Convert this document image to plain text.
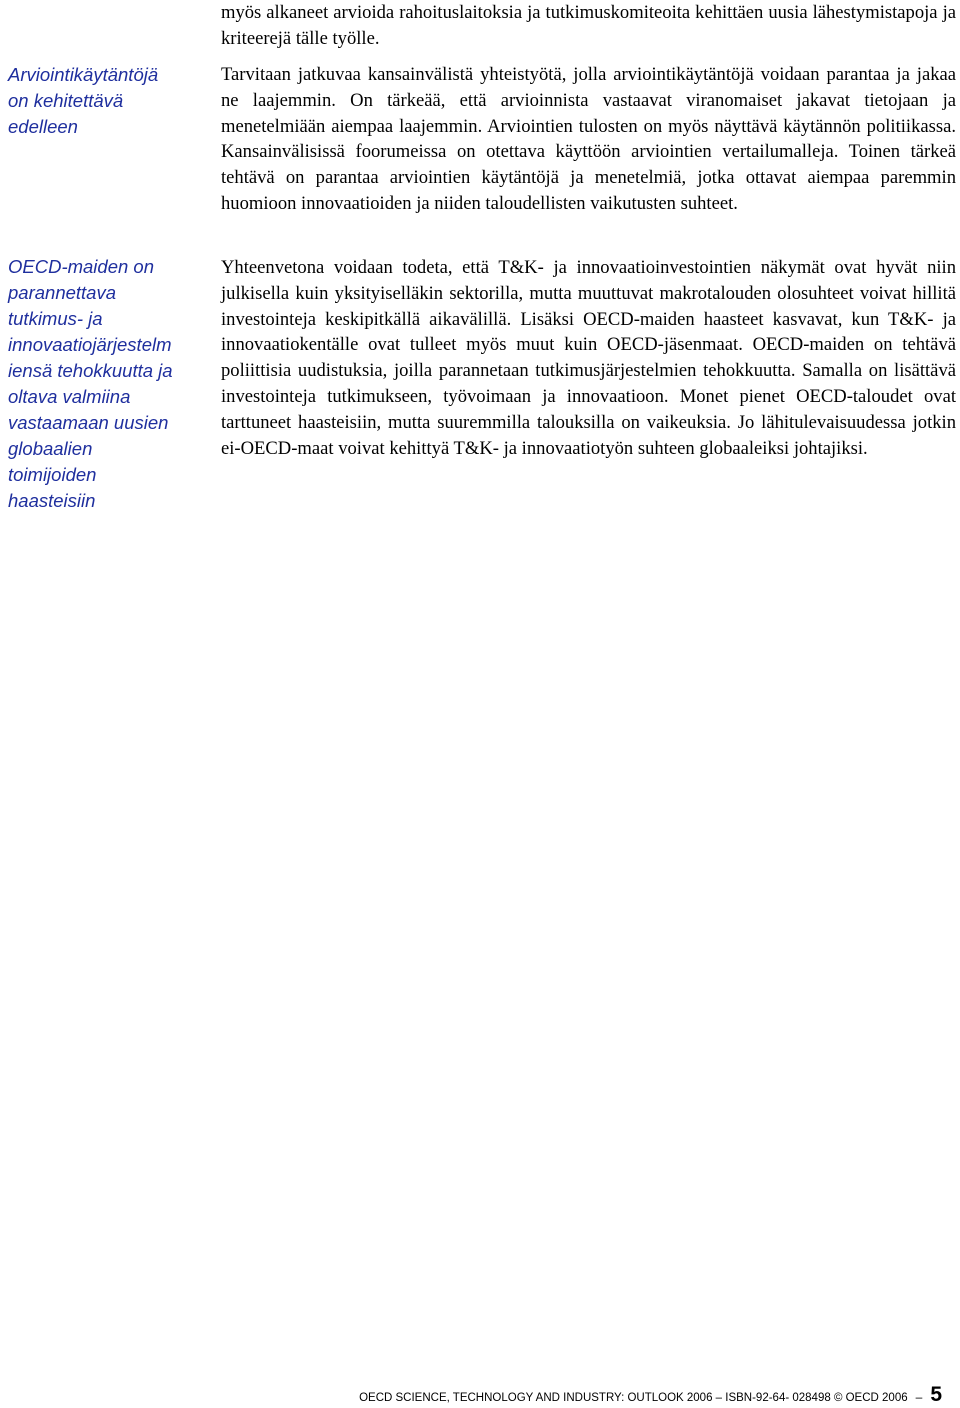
Arviointikäytäntöjä
on kehitettävä
edelleen

OECD-maiden on
parannettava
tutkimus- ja
innovaatiojärjestelm
iensä tehokkuutta ja
oltava valmiina
vastaamaan uusien
globaalien
toimijoiden
haasteisiin

myös alkaneet arvioida rahoituslaitoksia ja tutkimuskomiteoita kehittäen uusia lähestymistapoja ja kriteerejä tälle työlle.

Tarvitaan jatkuvaa kansainvälistä yhteistyötä, jolla arviointikäytäntöjä voidaan parantaa ja jakaa ne laajemmin. On tärkeää, että arvioinnista vastaavat viranomaiset jakavat tietojaan ja menetelmiään aiempaa laajemmin. Arviointien tulosten on myös näyttävä käytännön politiikassa. Kansainvälisissä foorumeissa on otettava käyttöön arviointien vertailumalleja. Toinen tärkeä tehtävä on parantaa arviointien käytäntöjä ja menetelmiä, jotka ottavat aiempaa paremmin huomioon innovaatioiden ja niiden taloudellisten vaikutusten suhteet.

Yhteenvetona voidaan todeta, että T&K- ja innovaatioinvestointien näkymät ovat hyvät niin julkisella kuin yksityiselläkin sektorilla, mutta muuttuvat makrotalouden olosuhteet voivat hillitä investointeja keskipitkällä aikavälillä. Lisäksi OECD-maiden haasteet kasvavat, kun T&K- ja innovaatiokentälle ovat tulleet myös muut kuin OECD-jäsenmaat. OECD-maiden on tehtävä poliittisia uudistuksia, joilla parannetaan tutkimusjärjestelmien tehokkuutta. Samalla on lisättävä investointeja tutkimukseen, työvoimaan ja innovaatioon. Monet pienet OECD-taloudet ovat tarttuneet haasteisiin, mutta suuremmilla talouksilla on vaikeuksia. Jo lähitulevaisuudessa jotkin ei-OECD-maat voivat kehittyä T&K- ja innovaatiotyön suhteen globaaleiksi johtajiksi.

OECD SCIENCE, TECHNOLOGY AND INDUSTRY: OUTLOOK 2006 – ISBN-92-64- 028498 © OECD 2006 – 5
